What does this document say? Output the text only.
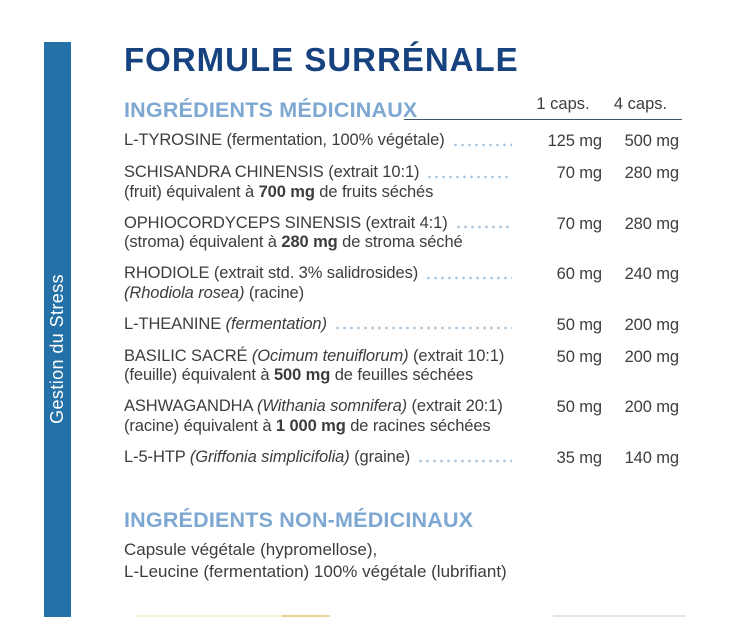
Gestion du Stress
FORMULE SURRÉNALE
INGRÉDIENTS MÉDICINAUX	1 caps.	4 caps.
L-TYROSINE (fermentation, 100% végétale)	125 mg	500 mg
SCHISANDRA CHINENSIS (extrait 10:1)
(fruit) équivalent à 700 mg de fruits séchés
70 mg	280 mg
OPHIOCORDYCEPS SINENSIS (extrait 4:1)
(stroma) équivalent à 280 mg de stroma séché
70 mg	280 mg
RHODIOLE (extrait std. 3% salidrosides)
(Rhodiola rosea) (racine)
60 mg	240 mg
L-THEANINE (fermentation)	50 mg	200 mg
BASILIC SACRÉ (Ocimum tenuiflorum) (extrait 10:1)
(feuille) équivalent à 500 mg de feuilles séchées
50 mg	200 mg
ASHWAGANDHA (Withania somnifera) (extrait 20:1)
(racine) équivalent à 1 000 mg de racines séchées
50 mg	200 mg
L-5-HTP (Griffonia simplicifolia) (graine)	35 mg	140 mg
INGRÉDIENTS NON-MÉDICINAUX
Capsule végétale (hypromellose),
L-Leucine (fermentation) 100% végétale (lubrifiant)
